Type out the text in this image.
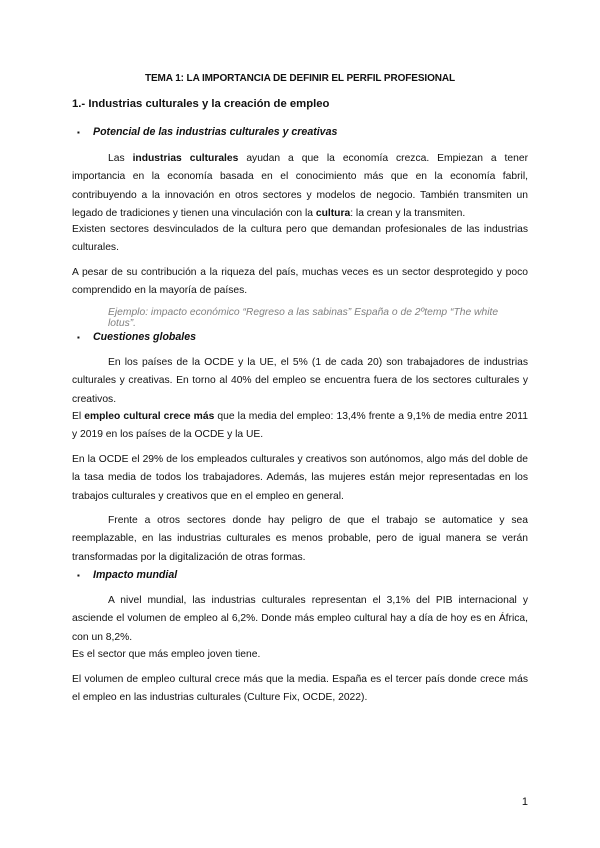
TEMA 1: LA IMPORTANCIA DE DEFINIR EL PERFIL PROFESIONAL
1.- Industrias culturales y la creación de empleo
▪ Potencial de las industrias culturales y creativas

Las industrias culturales ayudan a que la economía crezca. Empiezan a tener importancia en la economía basada en el conocimiento más que en la economía fabril, contribuyendo a la innovación en otros sectores y modelos de negocio. También transmiten un legado de tradiciones y tienen una vinculación con la cultura: la crean y la transmiten.

Existen sectores desvinculados de la cultura pero que demandan profesionales de las industrias culturales.

A pesar de su contribución a la riqueza del país, muchas veces es un sector desprotegido y poco comprendido en la mayoría de países.

Ejemplo: impacto económico “Regreso a las sabinas” España o de 2ºtemp “The white lotus”.
▪ Cuestiones globales

En los países de la OCDE y la UE, el 5% (1 de cada 20) son trabajadores de industrias culturales y creativas. En torno al 40% del empleo se encuentra fuera de los sectores culturales y creativos.

El empleo cultural crece más que la media del empleo: 13,4% frente a 9,1% de media entre 2011 y 2019 en los países de la OCDE y la UE.

En la OCDE el 29% de los empleados culturales y creativos son autónomos, algo más del doble de la tasa media de todos los trabajadores. Además, las mujeres están mejor representadas en los trabajos culturales y creativos que en el empleo en general.

Frente a otros sectores donde hay peligro de que el trabajo se automatice y sea reemplazable, en las industrias culturales es menos probable, pero de igual manera se verán transformadas por la digitalización de otras formas.

▪ Impacto mundial

A nivel mundial, las industrias culturales representan el 3,1% del PIB internacional y asciende el volumen de empleo al 6,2%. Donde más empleo cultural hay a día de hoy es en África, con un 8,2%.

Es el sector que más empleo joven tiene.

El volumen de empleo cultural crece más que la media. España es el tercer país donde crece más el empleo en las industrias culturales (Culture Fix, OCDE, 2022).

1
